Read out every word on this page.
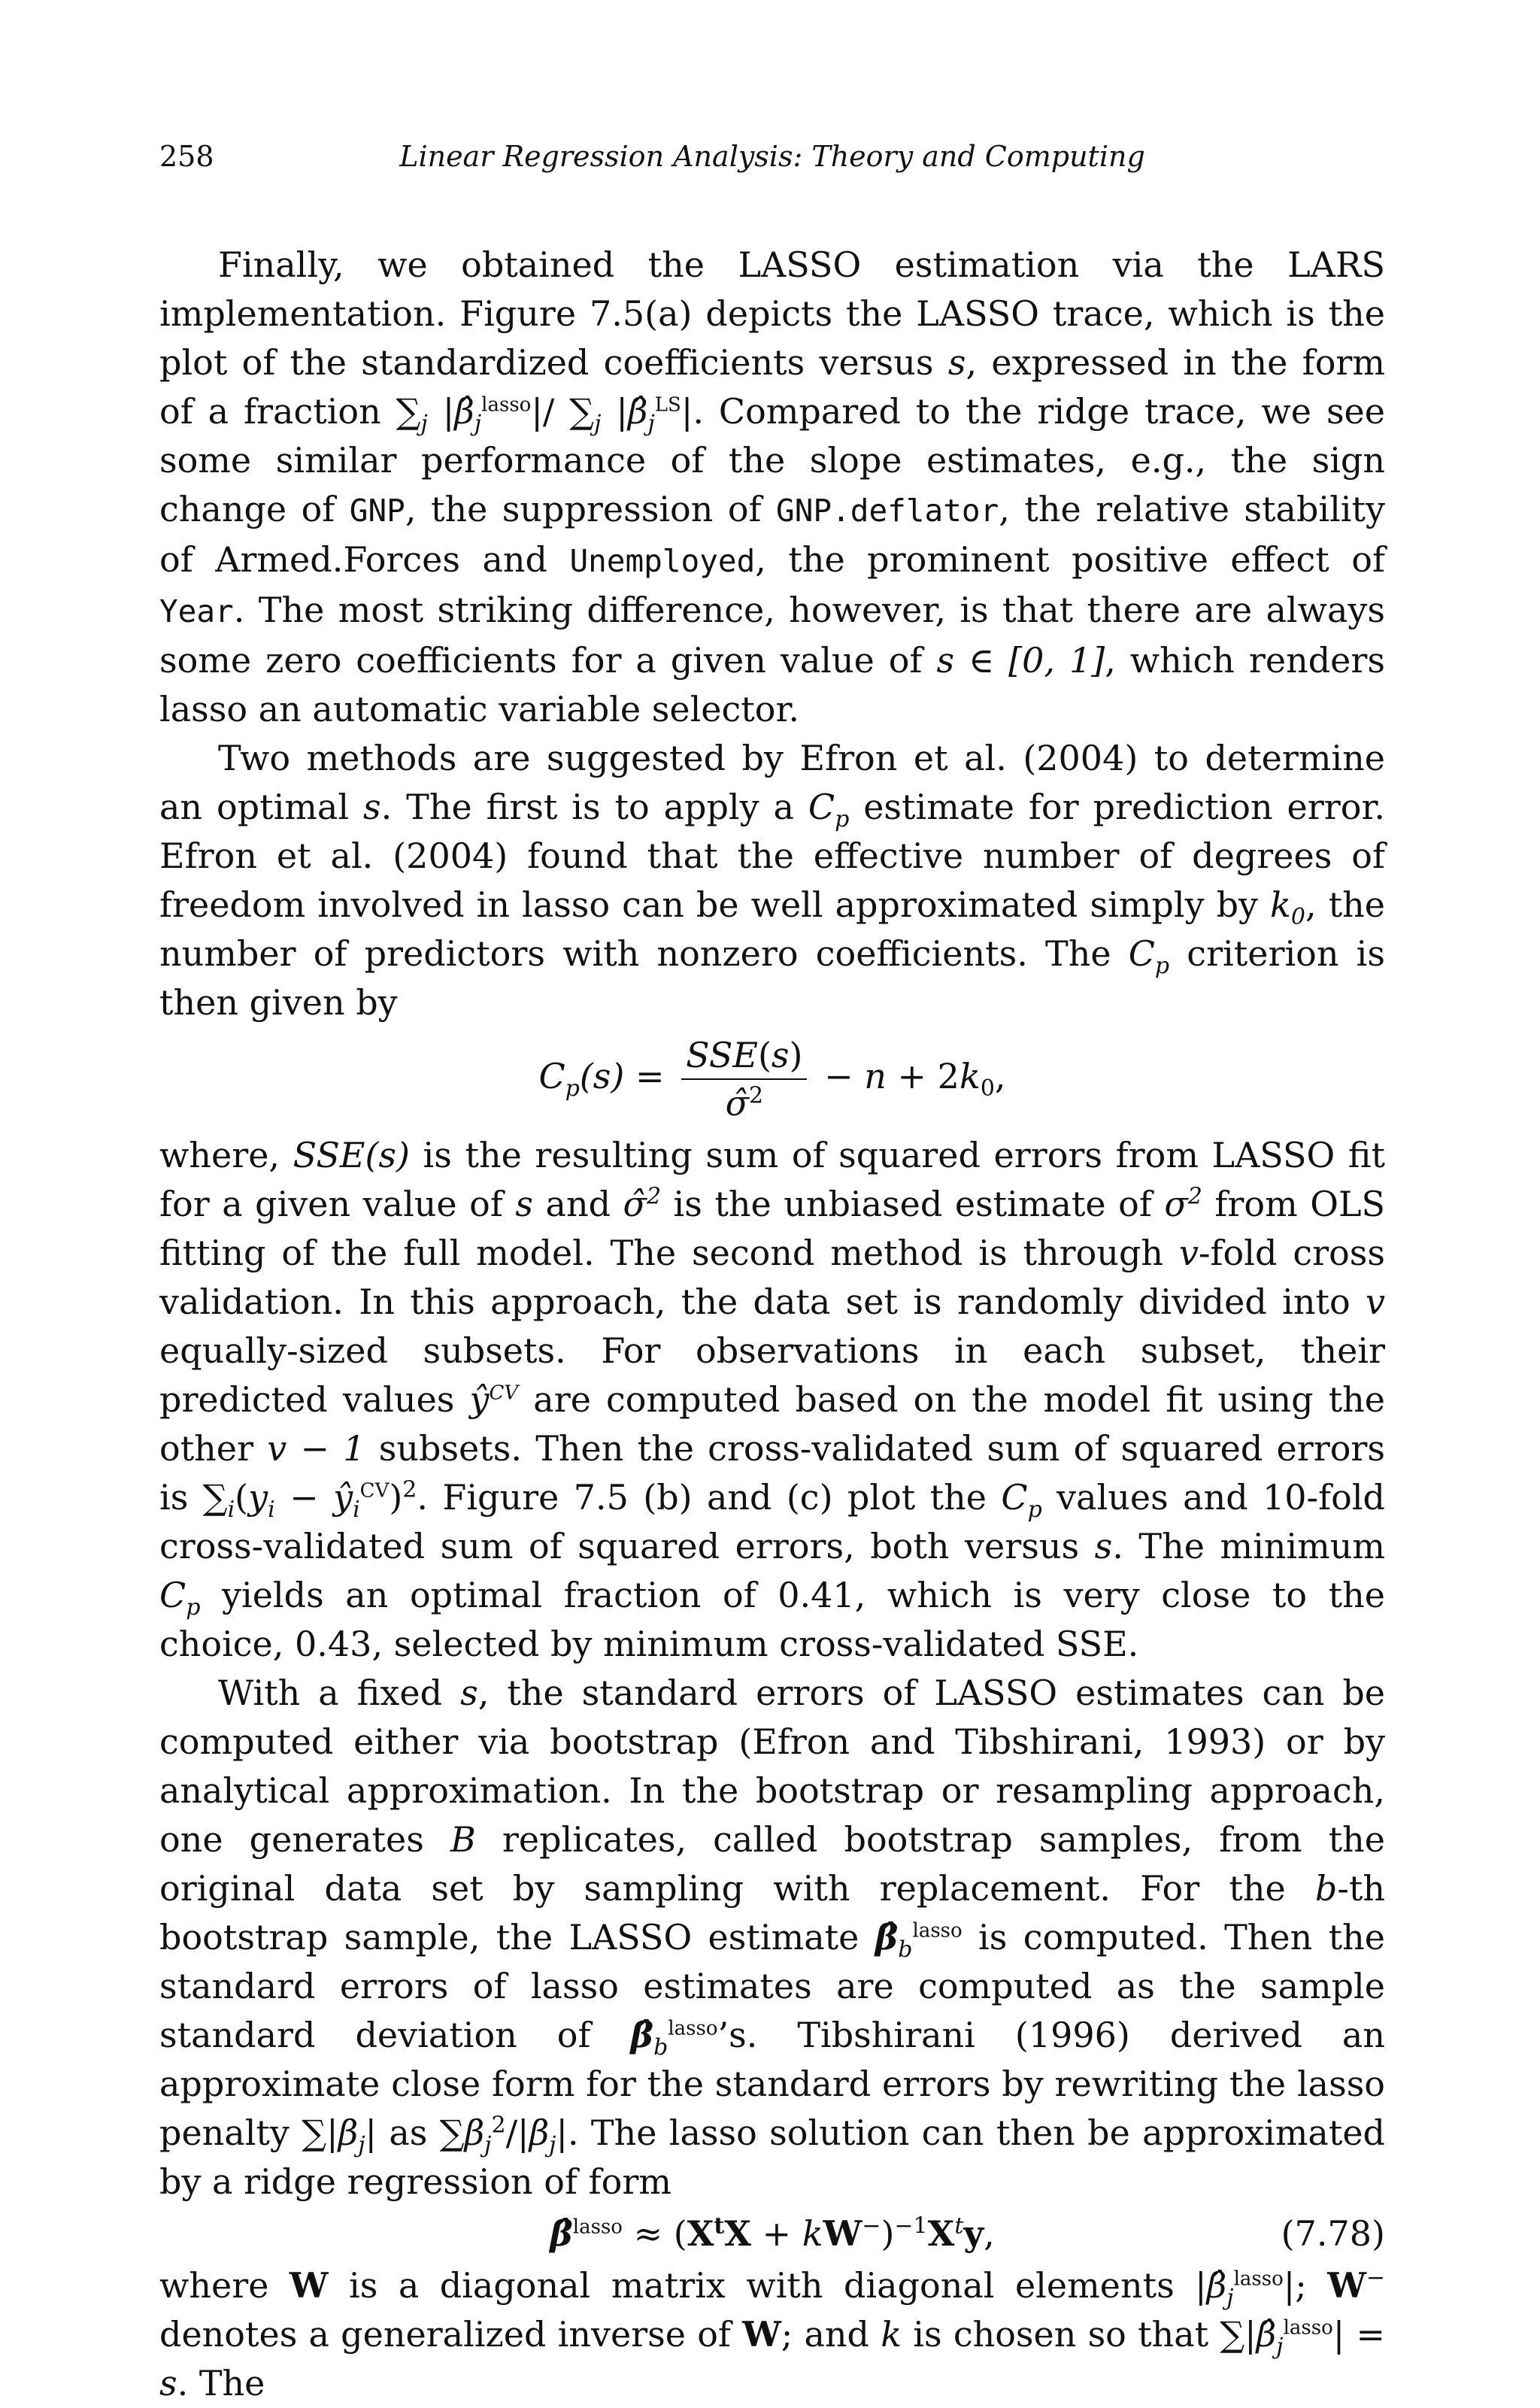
258	Linear Regression Analysis: Theory and Computing

Finally, we obtained the LASSO estimation via the LARS implementation. Figure 7.5(a) depicts the LASSO trace, which is the plot of the standardized coefficients versus s, expressed in the form of a fraction $\sum_j$ $|\betâ_j^{lasso}|/$ $\sum_j$ $|\betâ_j^{LS}|$. Compared to the ridge trace, we see some similar performance of the slope estimates, e.g., the sign change of GNP, the suppression of GNP.deflator, the relative stability of Armed.Forces and Unemployed, the prominent positive effect of Year. The most striking difference, however, is that there are always some zero coefficients for a given value of s ∈ [0, 1], which renders lasso an automatic variable selector.

Two methods are suggested by Efron et al. (2004) to determine an optimal s. The first is to apply a $C_p$ estimate for prediction error. Efron et al. (2004) found that the effective number of degrees of freedom involved in lasso can be well approximated simply by $k_0$, the number of predictors with nonzero coefficients. The $C_p$ criterion is then given by

$C_p(s) = \frac{\text{SSE(s)}}{\sigmâ^2} - n + 2k_0$,

where, SSE(s) is the resulting sum of squared errors from LASSO fit for a given value of s and σ̂$^2$ is the unbiased estimate of $\sigma^2$ from OLS fitting of the full model. The second method is through v-fold cross validation. In this approach, the data set is randomly divided into v equally-sized subsets. For observations in each subset, their predicted values $ŷ^{CV}$ are computed based on the model fit using the other v − 1 subsets. Then the cross-validated sum of squared errors is $\sum_i(y_i$ − $ŷ_i^{CV})^2$. Figure 7.5 (b) and (c) plot the $C_p$ values and 10-fold cross-validated sum of squared errors, both versus s. The minimum $C_p$ yields an optimal fraction of 0.41, which is very close to the choice, 0.43, selected by minimum cross-validated SSE.

With a fixed s, the standard errors of LASSO estimates can be computed either via bootstrap (Efron and Tibshirani, 1993) or by analytical approximation. In the bootstrap or resampling approach, one generates B replicates, called bootstrap samples, from the original data set by sampling with replacement. For the b-th bootstrap sample, the LASSO estimate $\betâ_b^{lasso}$ is computed. Then the standard errors of lasso estimates are computed as the sample standard deviation of $\betâ_b^{lasso}’s$. Tibshirani (1996) derived an approximate close form for the standard errors by rewriting the lasso penalty $\sum|\beta_j|$ as $\sum\beta_j^2/|\beta_j|$. The lasso solution can then be approximated by a ridge regression of form

β̂$^{lasso}$ ≈ $(X^tX + kW^-)^{-1}X^ty$,	(7.78)

where W is a diagonal matrix with diagonal elements $|\betâ_j^{lasso}|$; W− denotes a generalized inverse of W; and k is chosen so that $\sum|\betâ_j^{lasso}| = s$. The
